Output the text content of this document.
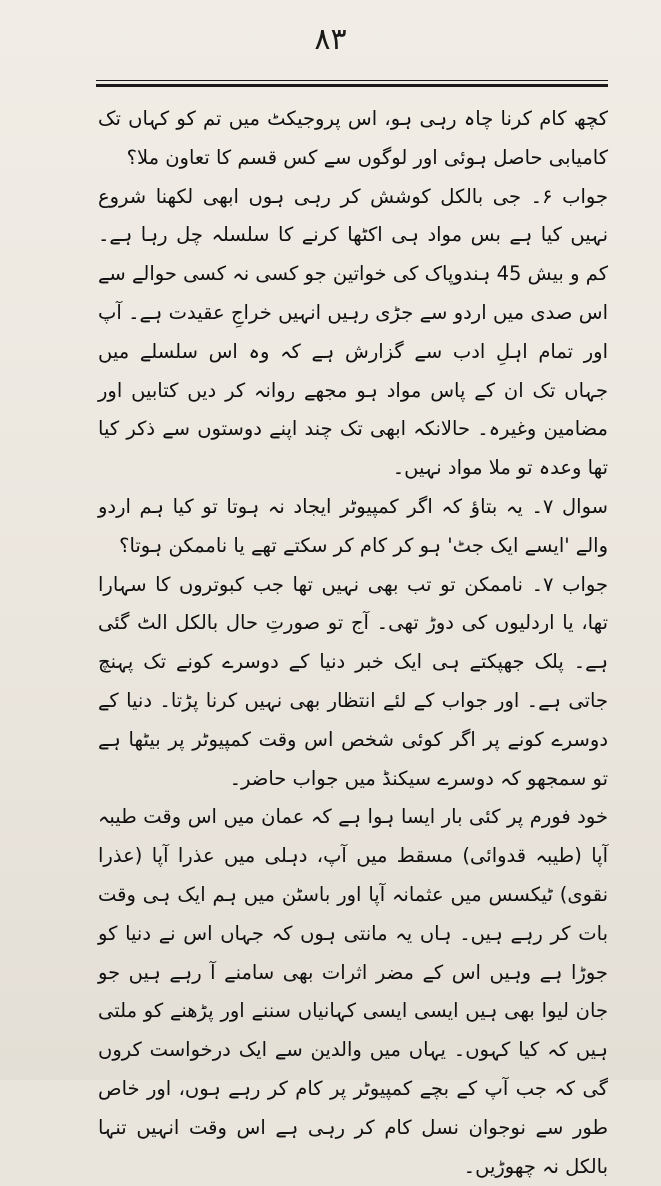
۸۳

کچھ کام کرنا چاہ رہی ہو، اس پروجیکٹ میں تم کو کہاں تک کامیابی حاصل ہوئی اور لوگوں سے کس قسم کا تعاون ملا؟

جواب ۶۔ جی بالکل کوشش کر رہی ہوں ابھی لکھنا شروع نہیں کیا ہے بس مواد ہی اکٹھا کرنے کا سلسلہ چل رہا ہے۔ کم و بیش 45 ہندوپاک کی خواتین جو کسی نہ کسی حوالے سے اس صدی میں اردو سے جڑی رہیں انہیں خراجِ عقیدت ہے۔ آپ اور تمام اہلِ ادب سے گزارش ہے کہ وہ اس سلسلے میں جہاں تک ان کے پاس مواد ہو مجھے روانہ کر دیں کتابیں اور مضامین وغیرہ۔ حالانکہ ابھی تک چند اپنے دوستوں سے ذکر کیا تھا وعدہ تو ملا مواد نہیں۔

سوال ۷۔ یہ بتاؤ کہ اگر کمپیوٹر ایجاد نہ ہوتا تو کیا ہم اردو والے 'ایسے ایک جٹ' ہو کر کام کر سکتے تھے یا ناممکن ہوتا؟

جواب ۷۔ ناممکن تو تب بھی نہیں تھا جب کبوتروں کا سہارا تھا، یا اردلیوں کی دوڑ تھی۔ آج تو صورتِ حال بالکل الٹ گئی ہے۔ پلک جھپکتے ہی ایک خبر دنیا کے دوسرے کونے تک پہنچ جاتی ہے۔ اور جواب کے لئے انتظار بھی نہیں کرنا پڑتا۔ دنیا کے دوسرے کونے پر اگر کوئی شخص اس وقت کمپیوٹر پر بیٹھا ہے تو سمجھو کہ دوسرے سیکنڈ میں جواب حاضر۔

خود فورم پر کئی بار ایسا ہوا ہے کہ عمان میں اس وقت طیبہ آپا (طیبہ قدوائی) مسقط میں آپ، دہلی میں عذرا آپا (عذرا نقوی) ٹیکسس میں عثمانہ آپا اور باسٹن میں ہم ایک ہی وقت بات کر رہے ہیں۔ ہاں یہ مانتی ہوں کہ جہاں اس نے دنیا کو جوڑا ہے وہیں اس کے مضر اثرات بھی سامنے آ رہے ہیں جو جان لیوا بھی ہیں ایسی ایسی کہانیاں سننے اور پڑھنے کو ملتی ہیں کہ کیا کہوں۔ یہاں میں والدین سے ایک درخواست کروں گی کہ جب آپ کے بچے کمپیوٹر پر کام کر رہے ہوں، اور خاص طور سے نوجوان نسل کام کر رہی ہے اس وقت انہیں تنہا بالکل نہ چھوڑیں۔
